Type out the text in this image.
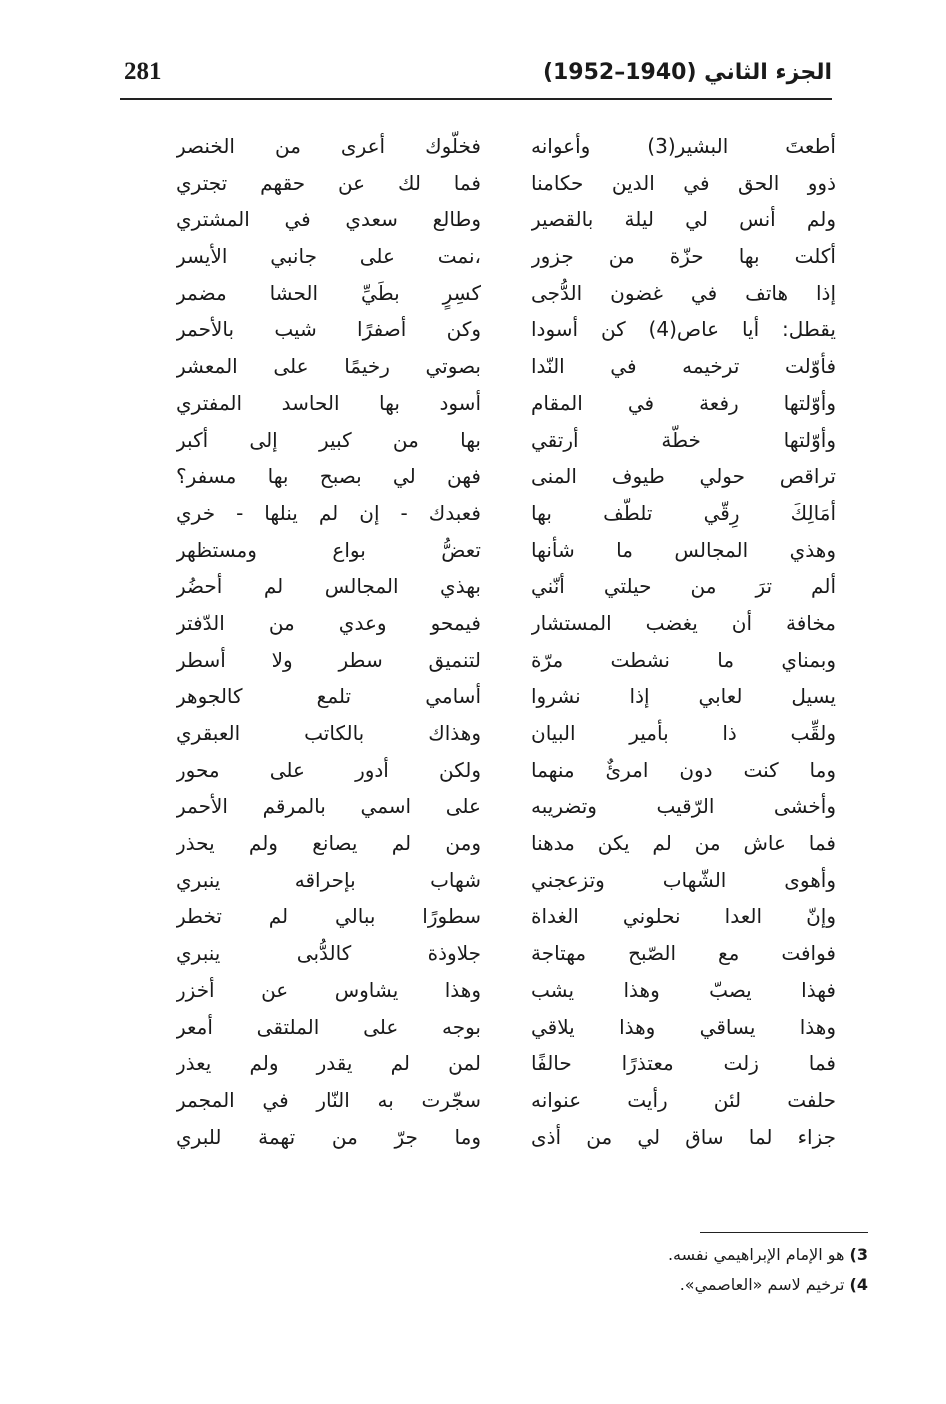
281	الجزء الثاني (1940–1952)
أطعتَ البشير(3) وأعوانه
فخلّوك أعرى من الخنصر
ذوو الحق في الدين حكامنا
فما لك عن حقهم تجتري
ولم أنس لي ليلة بالقصير
وطالع سعدي في المشتري
أكلت بها حزّة من جزور
،نمت على جانبي الأيسر
إذا هاتف في غضون الدُّجى
كسِرٍ بطَيِّ الحشا مضمر
يقطل: أيا عاص(4) كن أسودا
وكن أصفرًا شيب بالأحمر
فأوّلت ترخيمه في النّدا
بصوتي رخيمًا على المعشر
وأوّلتها رفعة في المقام
أسود بها الحاسد المفتري
وأوّلتها خطّة أرتقي
بها من كبير إلى أكبر
تراقص حولي طيوف المنى
فهن لي بصبح بها مسفر؟
أمَالِكَ رِقّي تلطّف بها
فعبدك - إن لم ينلها - خري
وهذي المجالس ما شأنها
تعضُّ بواع ومستظهر
ألم ترَ من حيلتي أنّني
بهذي المجالس لم أحضُر
مخافة أن يغضب المستشار
فيمحو وعدي من الدّفتر
وبمناي ما نشطت مرّة
لتنميق سطر ولا أسطر
يسيل لعابي إذا نشروا
أسامي تلمع كالجوهر
ولقِّب ذا بأمير البيان
وهذاك بالكاتب العبقري
وما كنت دون امرئٌ منهما
ولكن أدور على محور
وأخشى الرّقيب وتضريبه
على اسمي بالمرقم الأحمر
فما عاش من لم يكن مدهنا
ومن لم يصانع ولم يحذر
وأهوى الشّهاب وتزعجني
شهاب بإحراقه ينبري
وإنّ العدا نحلوني الغداة
سطورًا ببالي لم تخطر
فوافت مع الصّبح مهتاجة
جلاوذة كالدُّبى ينبري
فهذا يصبّ وهذا يشب
وهذا يشاوس عن أخزر
وهذا يساقي وهذا يلاقي
بوجه على الملتقى أمعر
فما زلت معتذرًا حالفًا
لمن لم يقدر ولم يعذر
حلفت لئن رأيت عنوانه
سجّرت به النّار في المجمر
جزاء لما ساق لي من أذى
وما جرّ من تهمة للبري
3) هو الإمام الإبراهيمي نفسه.
4) ترخيم لاسم «العاصمي».
